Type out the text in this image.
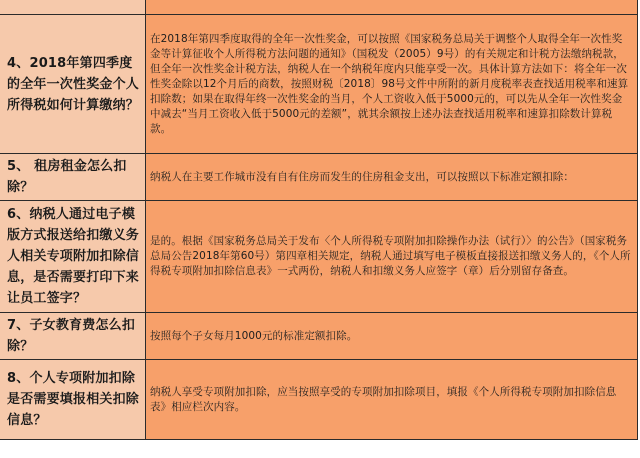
4、2018年第四季度的全年一次性奖金个人所得税如何计算缴纳？	在2018年第四季度取得的全年一次性奖金，可以按照《国家税务总局关于调整个人取得全年一次性奖金等计算征收个人所得税方法问题的通知》（国税发（2005）9号）的有关规定和计税方法缴纳税款，但全年一次性奖金计税方法，纳税人在一个纳税年度内只能享受一次。具体计算方法如下：将全年一次性奖金除以12个月后的商数，按照财税〔2018〕98号文件中所附的新月度税率表查找适用税率和速算扣除数；如果在取得年终一次性奖金的当月，个人工资收入低于5000元的，可以先从全年一次性奖金中减去“当月工资收入低于5000元的差额”，就其余额按上述办法查找适用税率和速算扣除数计算税款。

5、 租房租金怎么扣除？	纳税人在主要工作城市没有自有住房而发生的住房租金支出，可以按照以下标准定额扣除：

6、纳税人通过电子模版方式报送给扣缴义务人相关专项附加扣除信息，是否需要打印下来让员工签字？	是的。根据《国家税务总局关于发布〈个人所得税专项附加扣除操作办法（试行）〉的公告》（国家税务总局公告2018年第60号）第四章相关规定，纳税人通过填写电子模板直接报送扣缴义务人的，《个人所得税专项附加扣除信息表》一式两份，纳税人和扣缴义务人应签字（章）后分别留存备查。

7、子女教育费怎么扣除？	按照每个子女每月1000元的标准定额扣除。

8、个人专项附加扣除是否需要填报相关扣除信息？	纳税人享受专项附加扣除，应当按照享受的专项附加扣除项目，填报《个人所得税专项附加扣除信息表》相应栏次内容。
